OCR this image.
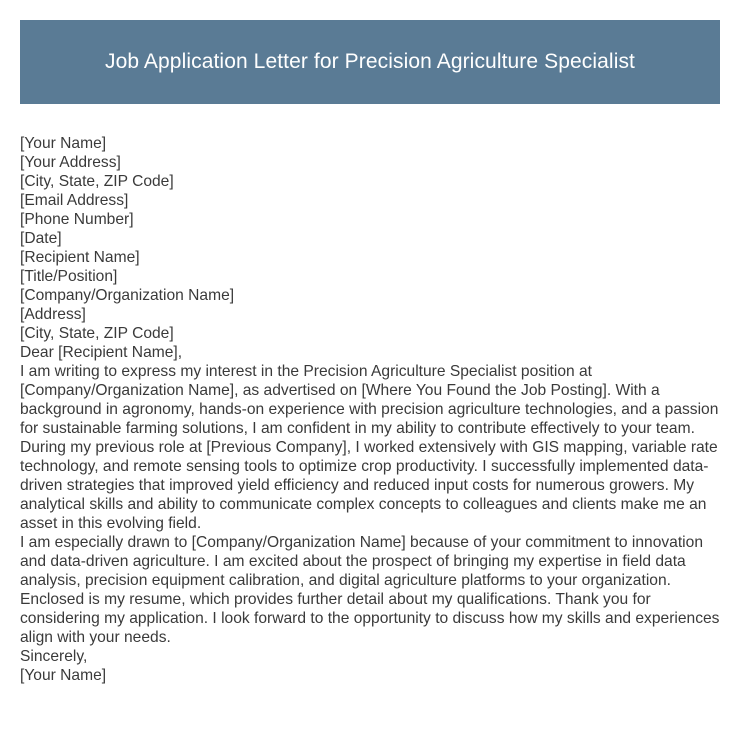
Job Application Letter for Precision Agriculture Specialist
[Your Name]
[Your Address]
[City, State, ZIP Code]
[Email Address]
[Phone Number]
[Date]
[Recipient Name]
[Title/Position]
[Company/Organization Name]
[Address]
[City, State, ZIP Code]
Dear [Recipient Name],
I am writing to express my interest in the Precision Agriculture Specialist position at [Company/Organization Name], as advertised on [Where You Found the Job Posting]. With a background in agronomy, hands-on experience with precision agriculture technologies, and a passion for sustainable farming solutions, I am confident in my ability to contribute effectively to your team.
During my previous role at [Previous Company], I worked extensively with GIS mapping, variable rate technology, and remote sensing tools to optimize crop productivity. I successfully implemented data-driven strategies that improved yield efficiency and reduced input costs for numerous growers. My analytical skills and ability to communicate complex concepts to colleagues and clients make me an asset in this evolving field.
I am especially drawn to [Company/Organization Name] because of your commitment to innovation and data-driven agriculture. I am excited about the prospect of bringing my expertise in field data analysis, precision equipment calibration, and digital agriculture platforms to your organization.
Enclosed is my resume, which provides further detail about my qualifications. Thank you for considering my application. I look forward to the opportunity to discuss how my skills and experiences align with your needs.
Sincerely,
[Your Name]
